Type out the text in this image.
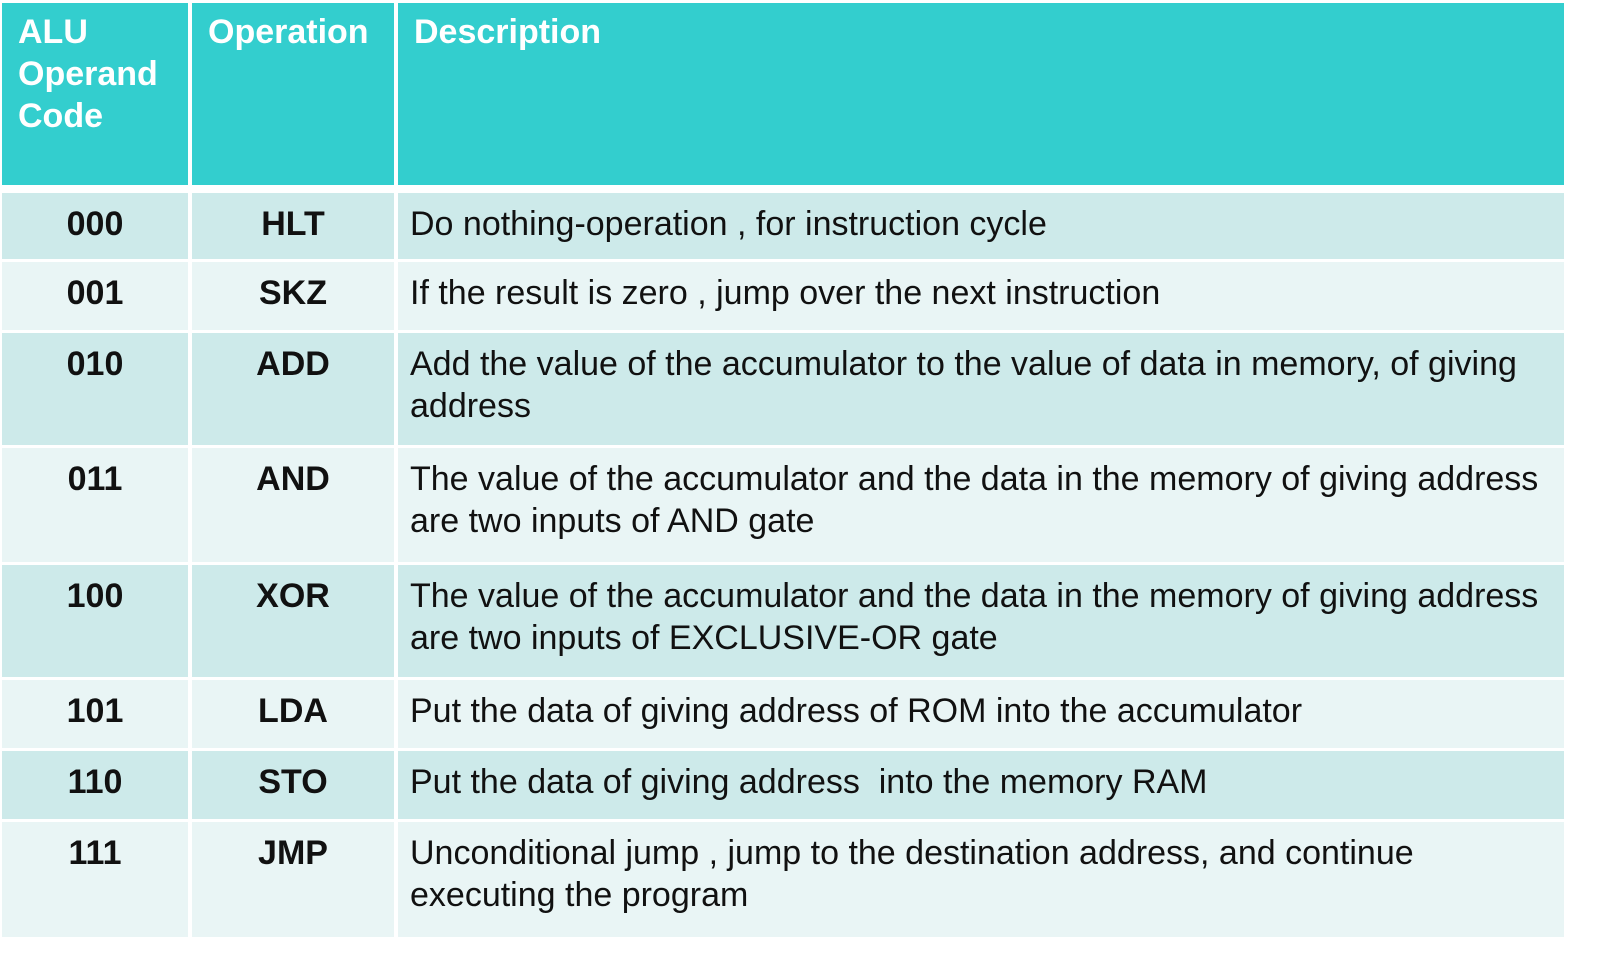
ALU Operand Code	Operation	Description
000	HLT	Do nothing-operation , for instruction cycle
001	SKZ	If the result is zero , jump over the next instruction
010	ADD	Add the value of the accumulator to the value of data in memory, of giving address
011	AND	The value of the accumulator and the data in the memory of giving address are two inputs of AND gate
100	XOR	The value of the accumulator and the data in the memory of giving address are two inputs of EXCLUSIVE-OR gate
101	LDA	Put the data of giving address of ROM into the accumulator
110	STO	Put the data of giving address  into the memory RAM
111	JMP	Unconditional jump , jump to the destination address, and continue executing the program
